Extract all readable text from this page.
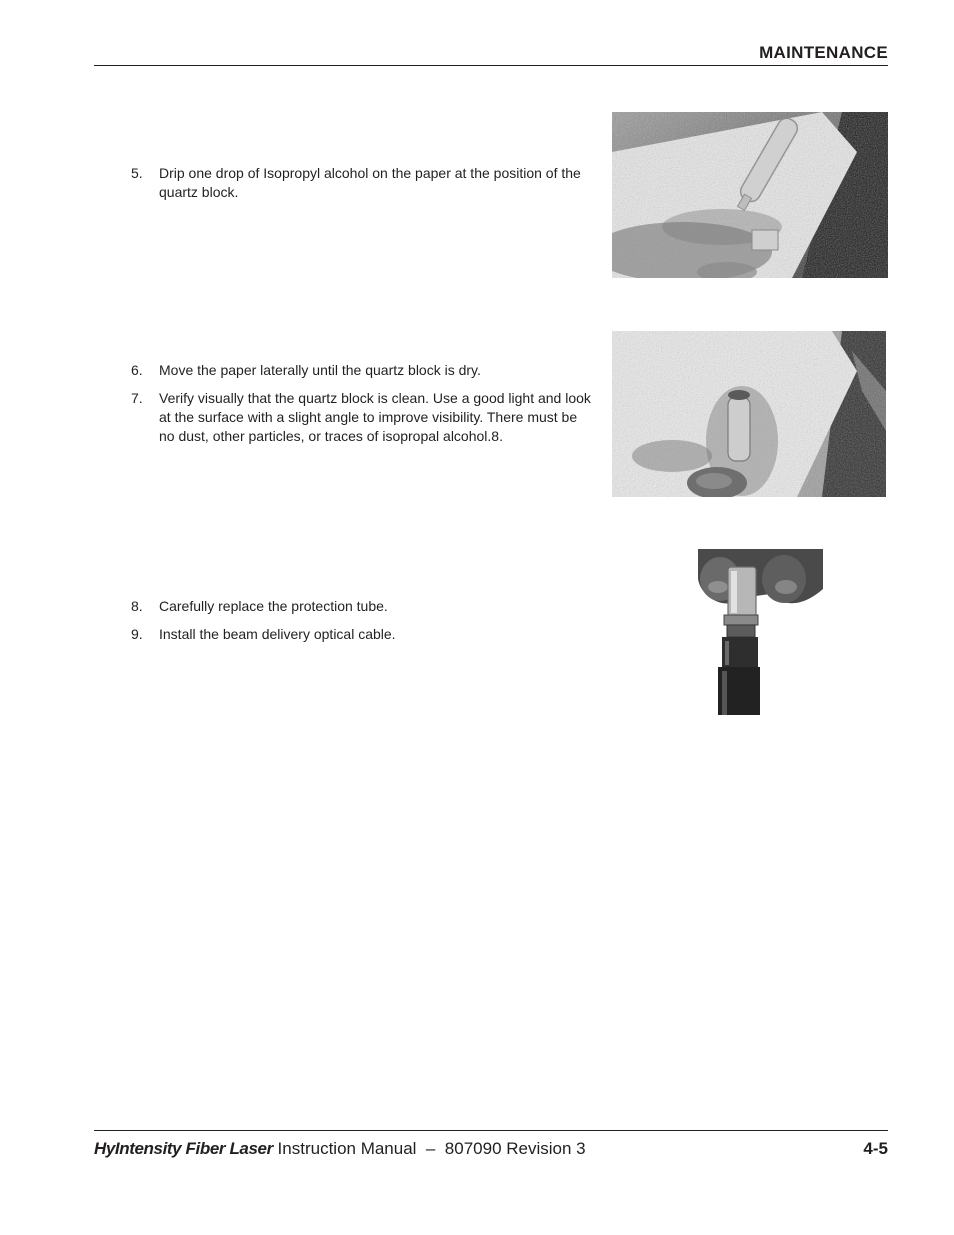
MAINTENANCE
5. Drip one drop of Isopropyl alcohol on the paper at the position of the quartz block.
6. Move the paper laterally until the quartz block is dry.
7. Verify visually that the quartz block is clean. Use a good light and look at the surface with a slight angle to improve visibility. There must be no dust, other particles, or traces of isopropal alcohol.8.
8. Carefully replace the protection tube.
9. Install the beam delivery optical cable.
HyIntensity Fiber Laser Instruction Manual  –  807090 Revision 3	4-5
